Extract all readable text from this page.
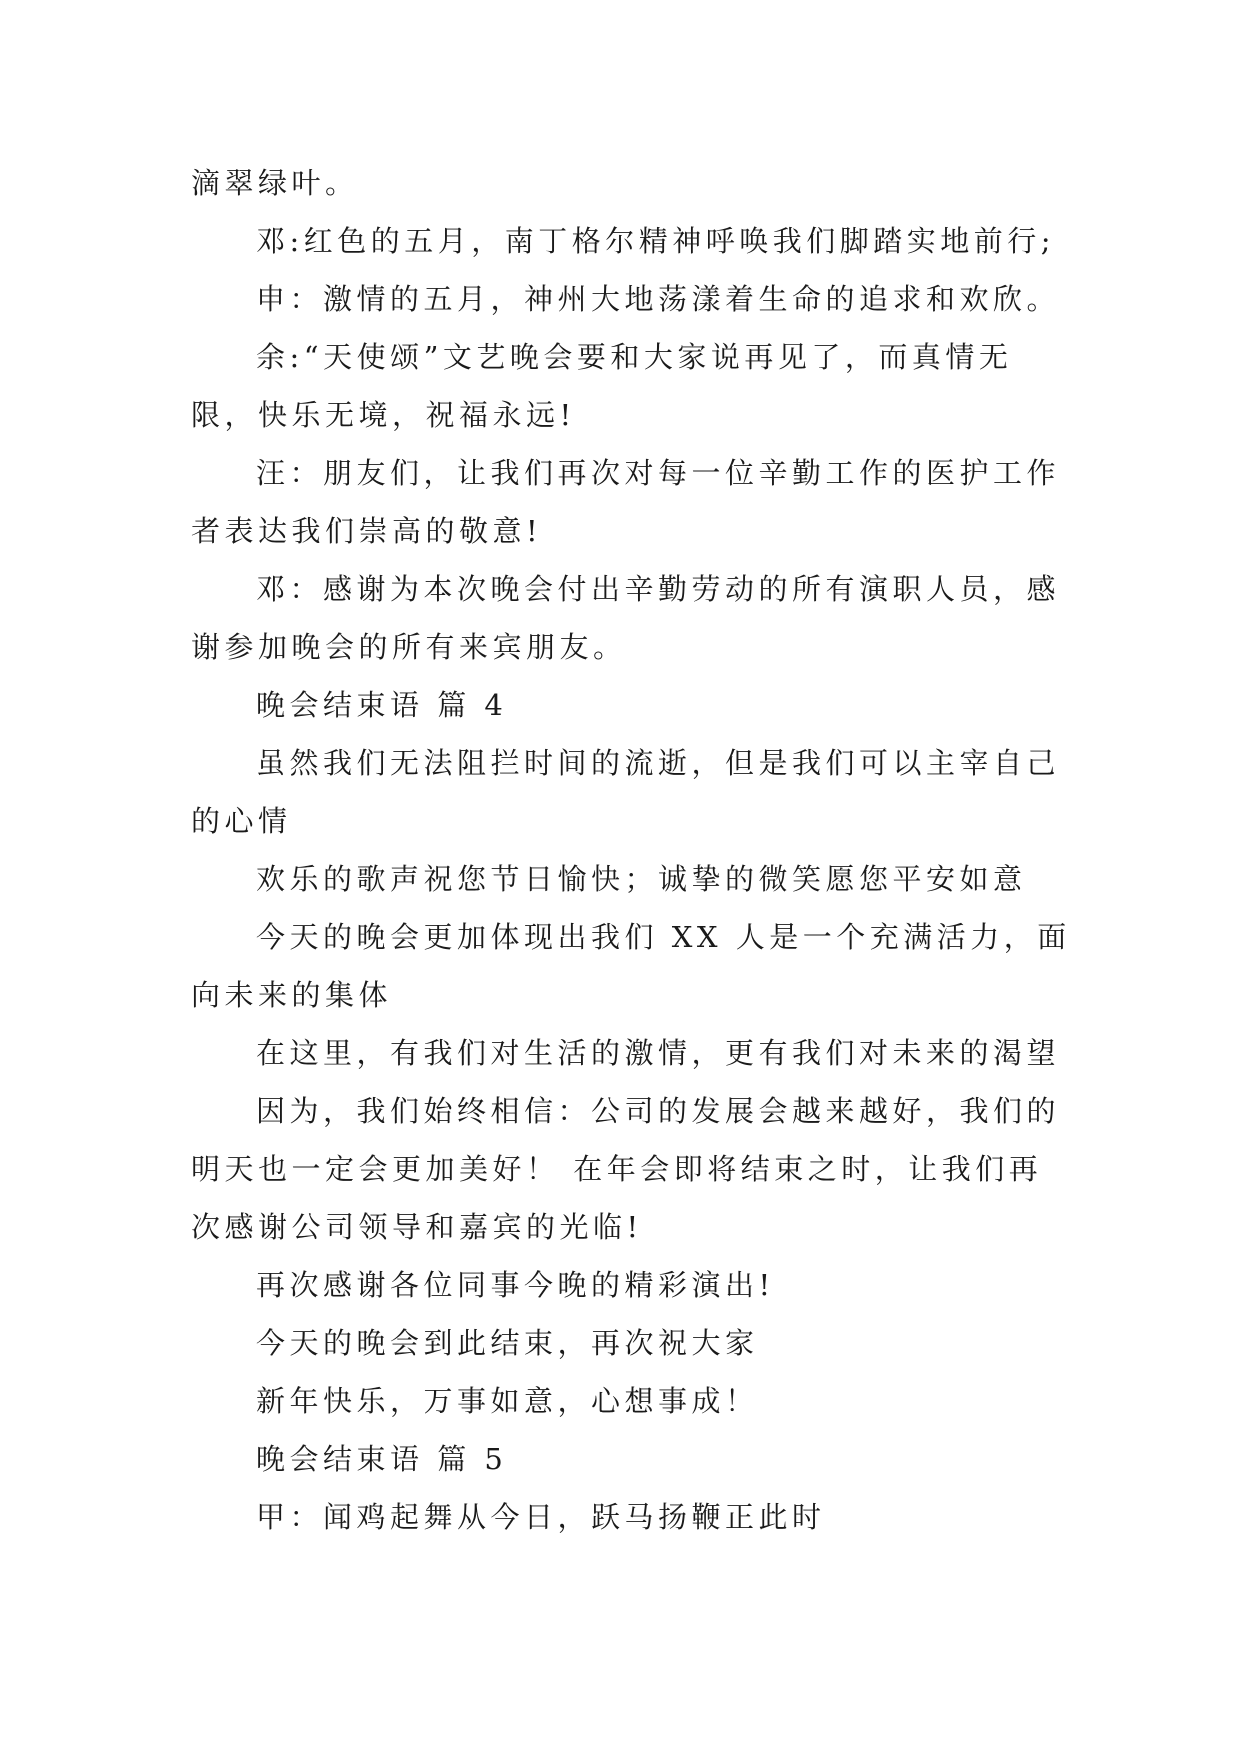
滴翠绿叶。
邓:红色的五月，南丁格尔精神呼唤我们脚踏实地前行;
申：激情的五月，神州大地荡漾着生命的追求和欢欣。
余:“天使颂”文艺晚会要和大家说再见了，而真情无
限，快乐无境，祝福永远!
汪：朋友们，让我们再次对每一位辛勤工作的医护工作
者表达我们崇高的敬意!
邓：感谢为本次晚会付出辛勤劳动的所有演职人员，感
谢参加晚会的所有来宾朋友。
晚会结束语 篇 4
虽然我们无法阻拦时间的流逝，但是我们可以主宰自己
的心情
欢乐的歌声祝您节日愉快；诚挚的微笑愿您平安如意
今天的晚会更加体现出我们 XX 人是一个充满活力，面
向未来的集体
在这里，有我们对生活的激情，更有我们对未来的渴望
因为，我们始终相信：公司的发展会越来越好，我们的
明天也一定会更加美好！ 在年会即将结束之时，让我们再
次感谢公司领导和嘉宾的光临!
再次感谢各位同事今晚的精彩演出!
今天的晚会到此结束，再次祝大家
新年快乐，万事如意，心想事成！
晚会结束语 篇 5
甲：闻鸡起舞从今日，跃马扬鞭正此时
